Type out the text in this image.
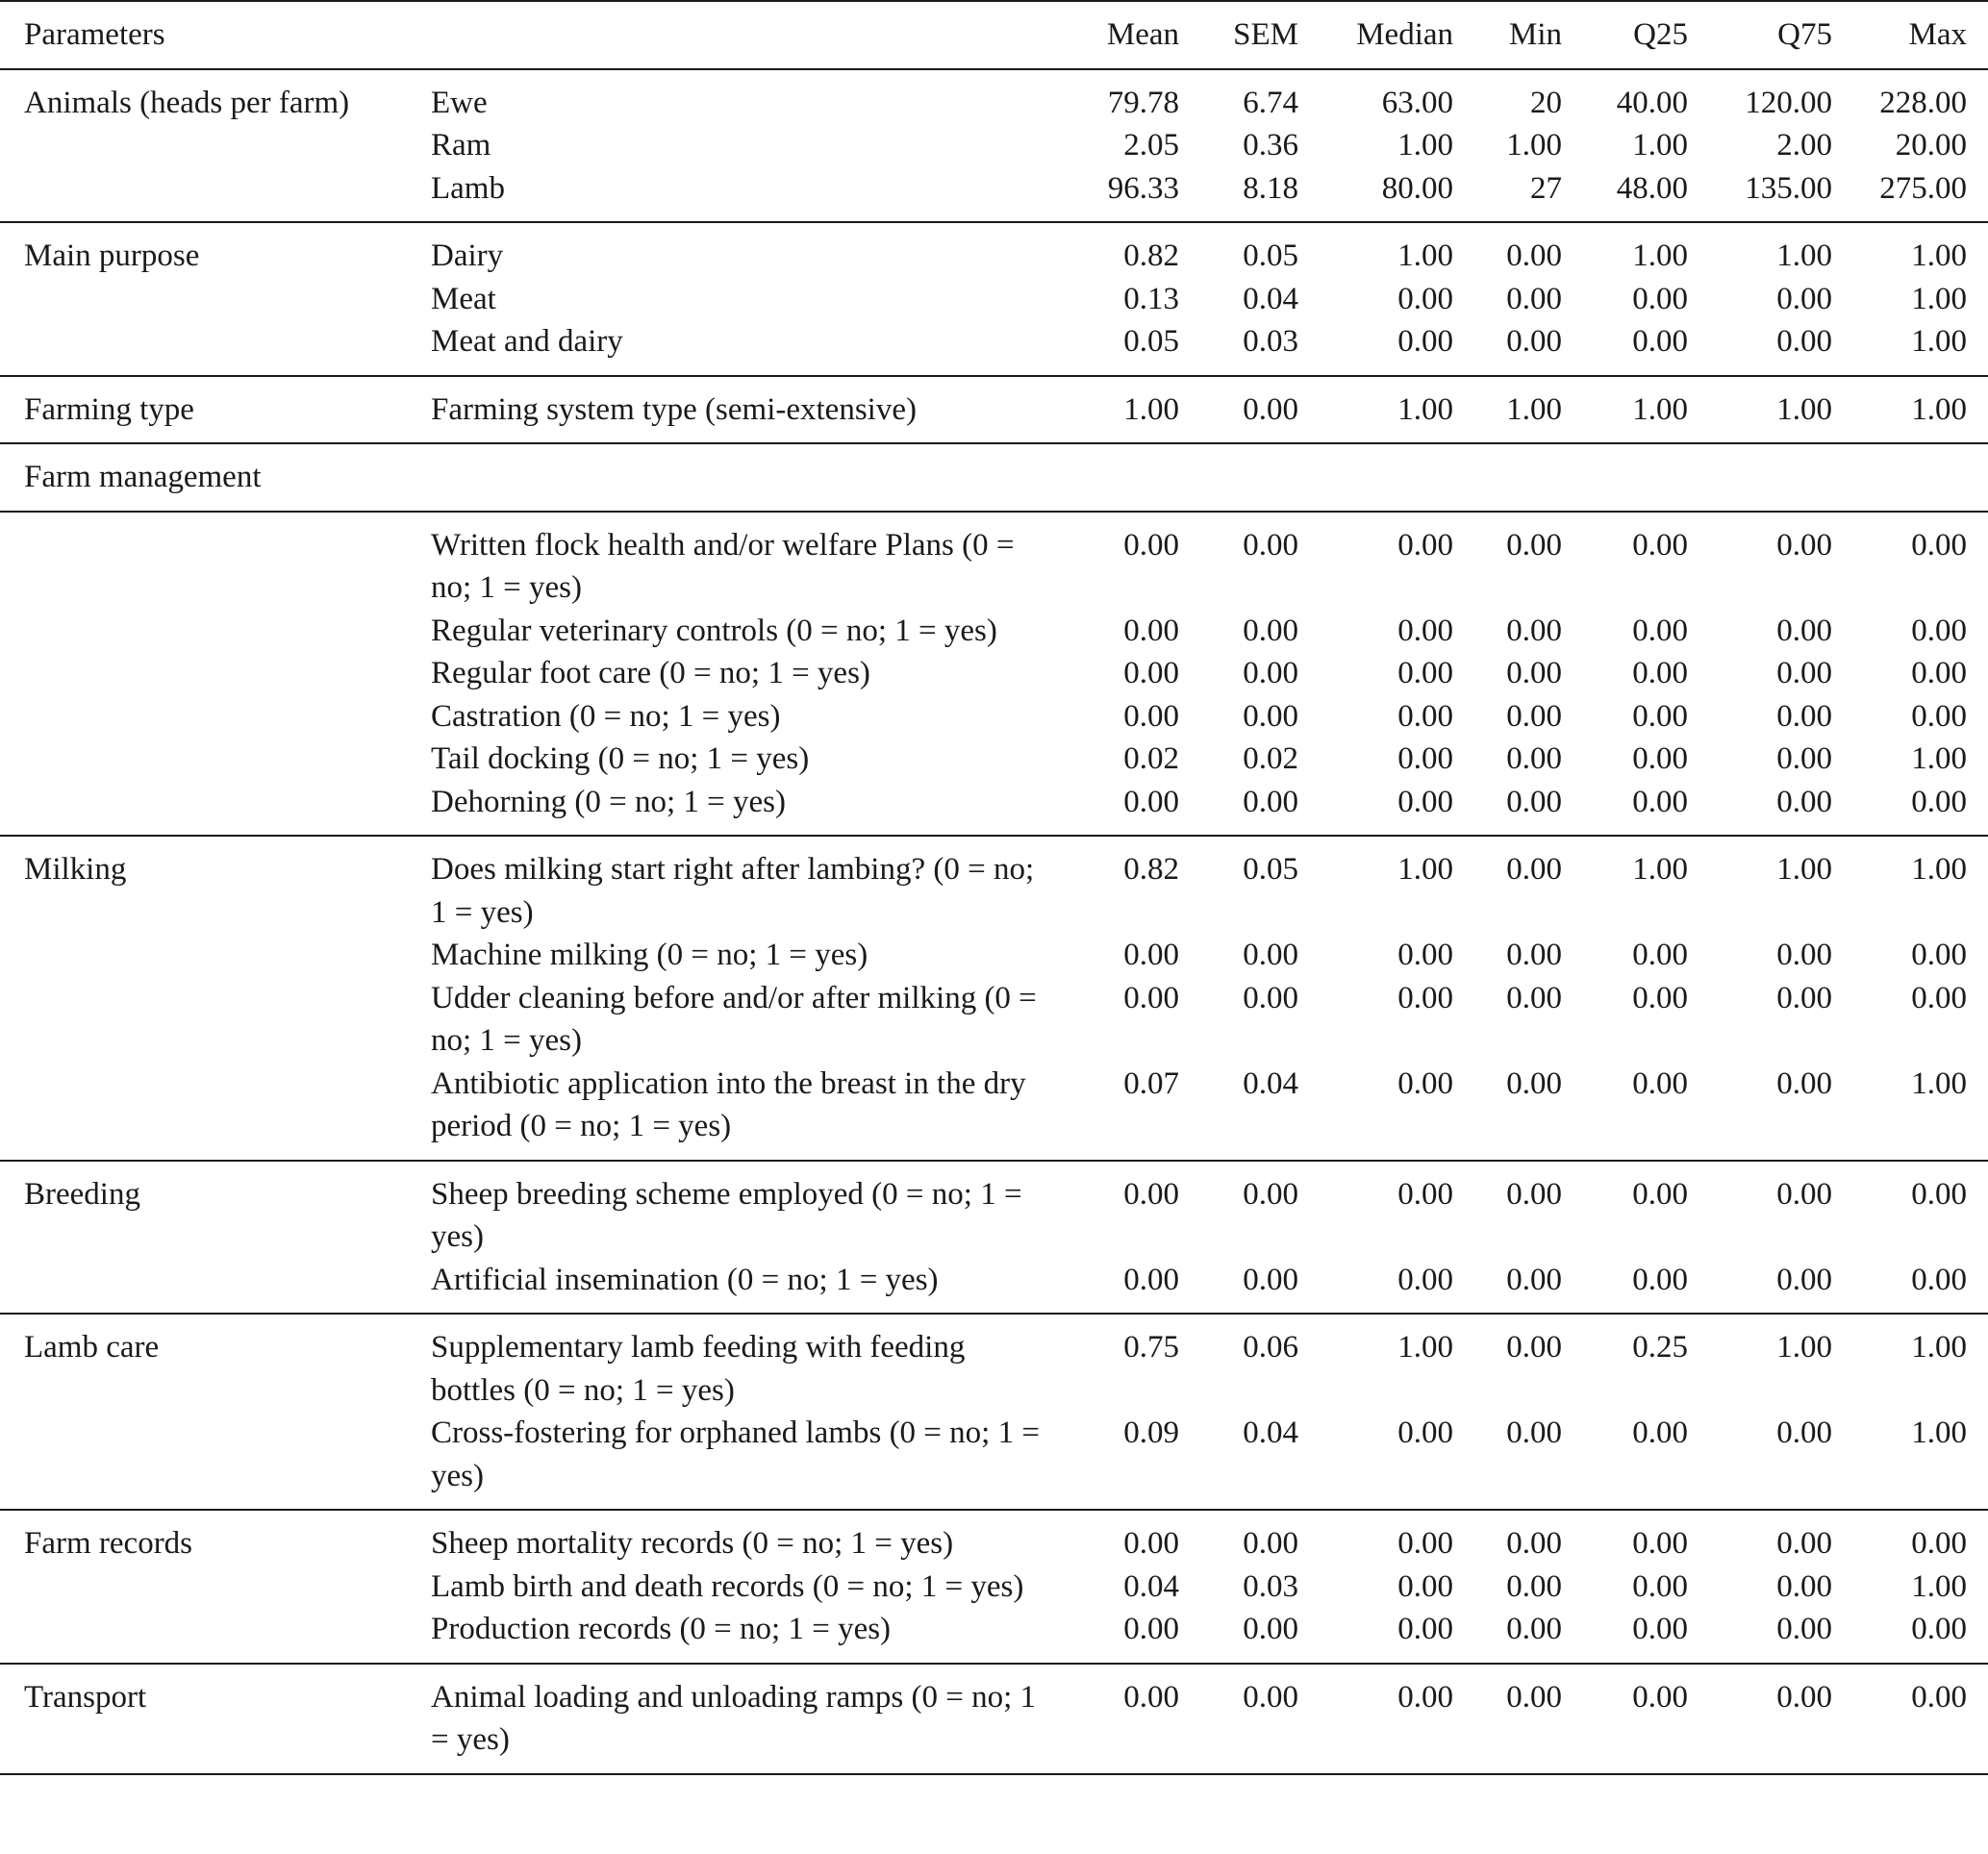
Parameters		Mean	SEM	Median	Min	Q25	Q75	Max
Animals (heads per farm)	Ewe	79.78	6.74	63.00	20	40.00	120.00	228.00
	Ram	2.05	0.36	1.00	1.00	1.00	2.00	20.00
	Lamb	96.33	8.18	80.00	27	48.00	135.00	275.00
Main purpose	Dairy	0.82	0.05	1.00	0.00	1.00	1.00	1.00
	Meat	0.13	0.04	0.00	0.00	0.00	0.00	1.00
	Meat and dairy	0.05	0.03	0.00	0.00	0.00	0.00	1.00
Farming type	Farming system type (semi-extensive)	1.00	0.00	1.00	1.00	1.00	1.00	1.00
Farm management								
	Written flock health and/or welfare Plans (0 = no; 1 = yes)	0.00	0.00	0.00	0.00	0.00	0.00	0.00
	Regular veterinary controls (0 = no; 1 = yes)	0.00	0.00	0.00	0.00	0.00	0.00	0.00
	Regular foot care (0 = no; 1 = yes)	0.00	0.00	0.00	0.00	0.00	0.00	0.00
	Castration (0 = no; 1 = yes)	0.00	0.00	0.00	0.00	0.00	0.00	0.00
	Tail docking (0 = no; 1 = yes)	0.02	0.02	0.00	0.00	0.00	0.00	1.00
	Dehorning (0 = no; 1 = yes)	0.00	0.00	0.00	0.00	0.00	0.00	0.00
Milking	Does milking start right after lambing? (0 = no; 1 = yes)	0.82	0.05	1.00	0.00	1.00	1.00	1.00
	Machine milking (0 = no; 1 = yes)	0.00	0.00	0.00	0.00	0.00	0.00	0.00
	Udder cleaning before and/or after milking (0 = no; 1 = yes)	0.00	0.00	0.00	0.00	0.00	0.00	0.00
	Antibiotic application into the breast in the dry period (0 = no; 1 = yes)	0.07	0.04	0.00	0.00	0.00	0.00	1.00
Breeding	Sheep breeding scheme employed (0 = no; 1 = yes)	0.00	0.00	0.00	0.00	0.00	0.00	0.00
	Artificial insemination (0 = no; 1 = yes)	0.00	0.00	0.00	0.00	0.00	0.00	0.00
Lamb care	Supplementary lamb feeding with feeding bottles (0 = no; 1 = yes)	0.75	0.06	1.00	0.00	0.25	1.00	1.00
	Cross-fostering for orphaned lambs (0 = no; 1 = yes)	0.09	0.04	0.00	0.00	0.00	0.00	1.00
Farm records	Sheep mortality records (0 = no; 1 = yes)	0.00	0.00	0.00	0.00	0.00	0.00	0.00
	Lamb birth and death records (0 = no; 1 = yes)	0.04	0.03	0.00	0.00	0.00	0.00	1.00
	Production records (0 = no; 1 = yes)	0.00	0.00	0.00	0.00	0.00	0.00	0.00
Transport	Animal loading and unloading ramps (0 = no; 1 = yes)	0.00	0.00	0.00	0.00	0.00	0.00	0.00
